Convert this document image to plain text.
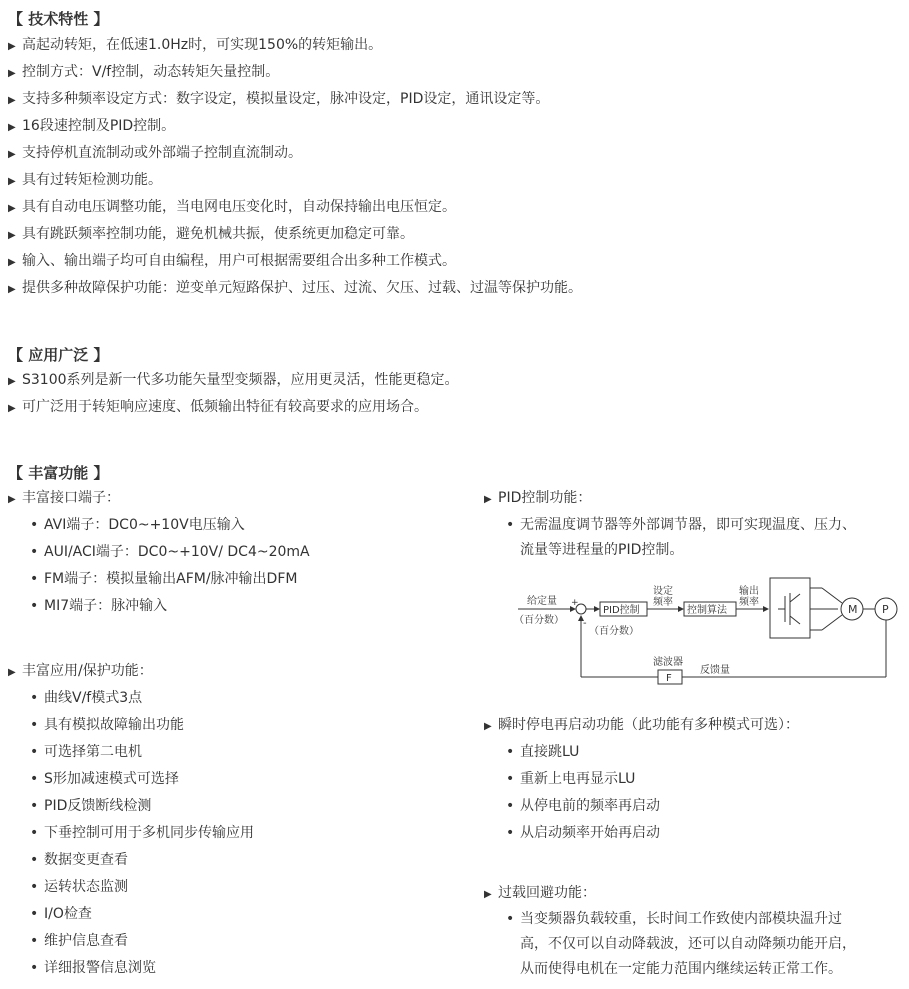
【 技术特性 】
▶ 高起动转矩，在低速1.0Hz时，可实现150%的转矩输出。
▶ 控制方式：V/f控制，动态转矩矢量控制。
▶ 支持多种频率设定方式：数字设定，模拟量设定，脉冲设定，PID设定，通讯设定等。
▶ 16段速控制及PID控制。
▶ 支持停机直流制动或外部端子控制直流制动。
▶ 具有过转矩检测功能。
▶ 具有自动电压调整功能，当电网电压变化时，自动保持输出电压恒定。
▶ 具有跳跃频率控制功能，避免机械共振，使系统更加稳定可靠。
▶ 输入、输出端子均可自由编程，用户可根据需要组合出多种工作模式。
▶ 提供多种故障保护功能：逆变单元短路保护、过压、过流、欠压、过载、过温等保护功能。
【 应用广泛 】
▶ S3100系列是新一代多功能矢量型变频器，应用更灵活，性能更稳定。
▶ 可广泛用于转矩响应速度、低频输出特征有较高要求的应用场合。
【 丰富功能 】
▶ 丰富接口端子：
• AVI端子：DC0~+10V电压输入
• AUI/ACI端子：DC0~+10V/ DC4~20mA
• FM端子：模拟量输出AFM/脉冲输出DFM
• MI7端子：脉冲输入
▶ 丰富应用/保护功能：
• 曲线V/f模式3点
• 具有模拟故障输出功能
• 可选择第二电机
• S形加减速模式可选择
• PID反馈断线检测
• 下垂控制可用于多机同步传输应用
• 数据变更查看
• 运转状态监测
• I/O检查
• 维护信息查看
• 详细报警信息浏览
▶ PID控制功能：
• 无需温度调节器等外部调节器，即可实现温度、压力、
流量等进程量的PID控制。
给定量
（百分数）
+
-
PID控制
（百分数）
设定
频率
控制算法
输出
频率
M P
滤波器
F
反馈量
▶ 瞬时停电再启动功能（此功能有多种模式可选）：
• 直接跳LU
• 重新上电再显示LU
• 从停电前的频率再启动
• 从启动频率开始再启动
▶ 过载回避功能：
• 当变频器负载较重，长时间工作致使内部模块温升过
高，不仅可以自动降载波，还可以自动降频功能开启，
从而使得电机在一定能力范围内继续运转正常工作。
